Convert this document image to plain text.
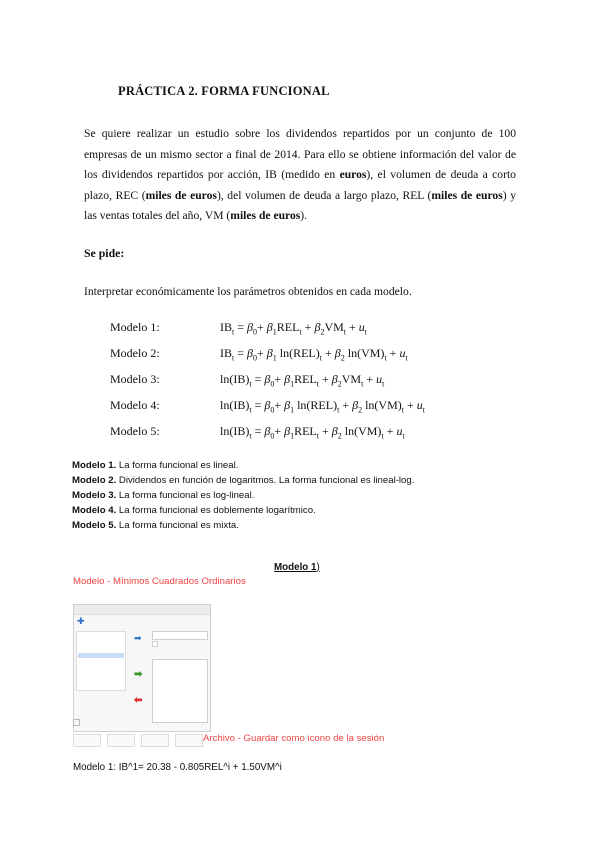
PRÁCTICA 2. FORMA FUNCIONAL
Se quiere realizar un estudio sobre los dividendos repartidos por un conjunto de 100 empresas de un mismo sector a final de 2014. Para ello se obtiene información del valor de los dividendos repartidos por acción, IB (medido en euros), el volumen de deuda a corto plazo, REC (miles de euros), del volumen de deuda a largo plazo, REL (miles de euros) y las ventas totales del año, VM (miles de euros).
Se pide:
Interpretar económicamente los parámetros obtenidos en cada modelo.
Modelo 1:	$IB_t = \beta_0+ \beta_1REL_t + \beta_2VM_t + u_t$
Modelo 2:	$IB_t = \beta_0+ \beta_1$ $\ln(REL)_t + \beta_2$ $\ln(VM)_t + u_t$
Modelo 3:	$\ln(IB)_t = \beta_0+ \beta_1REL_t + \beta_2VM_t + u_t$
Modelo 4:	$\ln(IB)_t = \beta_0+ \beta_1$ $\ln(REL)_t + \beta_2$ $\ln(VM)_t + u_t$
Modelo 5:	$\ln(IB)_t = \beta_0+ \beta_1REL_t + \beta_2$ $\ln(VM)_t + u_t$
Modelo 1. La forma funcional es lineal.
Modelo 2. Dividendos en función de logaritmos. La forma funcional es lineal-log.
Modelo 3. La forma funcional es log-lineal.
Modelo 4. La forma funcional es doblemente logarítmico.
Modelo 5. La forma funcional es mixta.
Modelo 1)
Modelo - Mínimos Cuadrados Ordinarios
✚

➡
➡
⬅
Archivo - Guardar como icono de la sesión
Modelo 1: IB^1= 20.38 - 0.805REL^i + 1.50VM^i
